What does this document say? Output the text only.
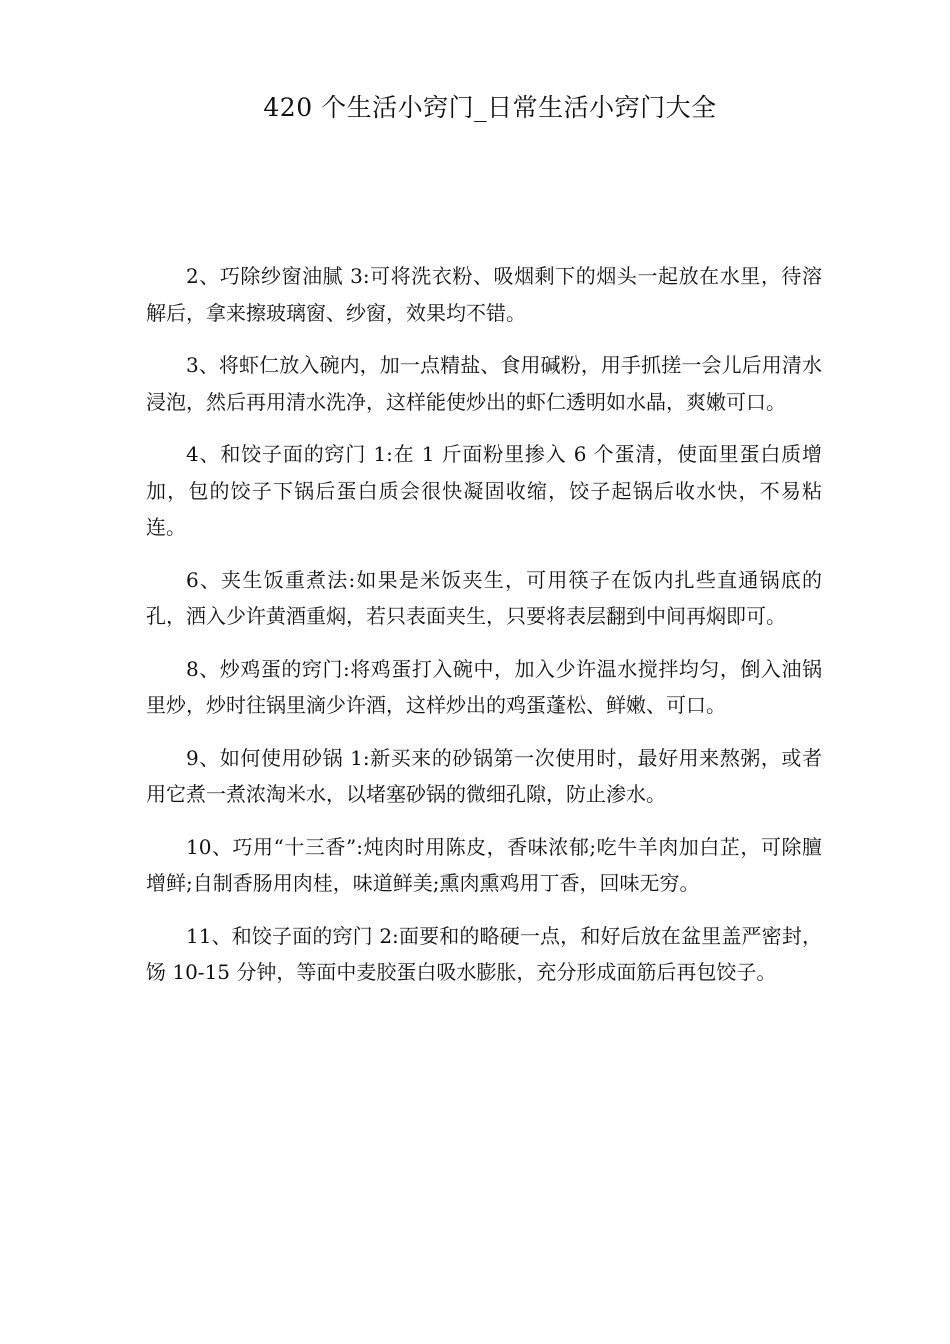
420 个生活小窍门_日常生活小窍门大全

2、巧除纱窗油腻 3:可将洗衣粉、吸烟剩下的烟头一起放在水里，待溶解后，拿来擦玻璃窗、纱窗，效果均不错。

3、将虾仁放入碗内，加一点精盐、食用碱粉，用手抓搓一会儿后用清水浸泡，然后再用清水洗净，这样能使炒出的虾仁透明如水晶，爽嫩可口。

4、和饺子面的窍门 1:在 1 斤面粉里掺入 6 个蛋清，使面里蛋白质增加，包的饺子下锅后蛋白质会很快凝固收缩，饺子起锅后收水快，不易粘连。

6、夹生饭重煮法:如果是米饭夹生，可用筷子在饭内扎些直通锅底的孔，洒入少许黄酒重焖，若只表面夹生，只要将表层翻到中间再焖即可。

8、炒鸡蛋的窍门:将鸡蛋打入碗中，加入少许温水搅拌均匀，倒入油锅里炒，炒时往锅里滴少许酒，这样炒出的鸡蛋蓬松、鲜嫩、可口。

9、如何使用砂锅 1:新买来的砂锅第一次使用时，最好用来熬粥，或者用它煮一煮浓淘米水，以堵塞砂锅的微细孔隙，防止渗水。

10、巧用“十三香”:炖肉时用陈皮，香味浓郁;吃牛羊肉加白芷，可除膻增鲜;自制香肠用肉桂，味道鲜美;熏肉熏鸡用丁香，回味无穷。

11、和饺子面的窍门 2:面要和的略硬一点，和好后放在盆里盖严密封，饧 10-15 分钟，等面中麦胶蛋白吸水膨胀，充分形成面筋后再包饺子。
